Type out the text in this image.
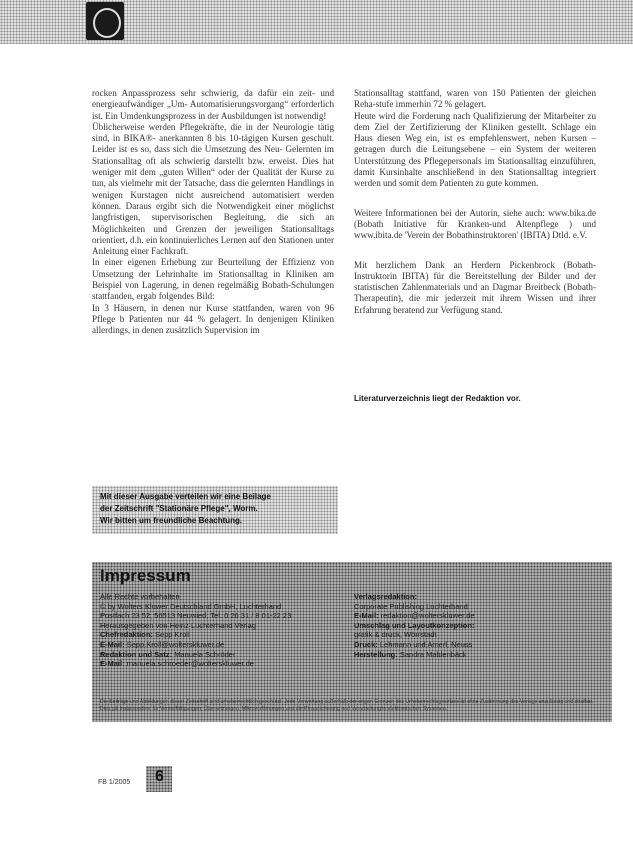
rocken Anpassprozess sehr schwierig, da dafür ein zeit- und energieaufwändiger „Um- Automatisierungsvorgang“ erforderlich ist. Ein Umdenkungsprozess in der Ausbildungen ist notwendig!

Üblicherweise werden Pflegekräfte, die in der Neurologie tätig sind, in BIKA®- anerkannten 8 bis 10-tägigen Kursen geschult. Leider ist es so, dass sich die Umsetzung des Neu- Gelernten im Stationsalltag oft als schwierig darstellt bzw. erweist. Dies hat weniger mit dem „guten Willen“ oder der Qualität der Kurse zu tun, als vielmehr mit der Tatsache, dass die gelernten Handlings in wenigen Kurstagen nicht ausreichend automatisiert werden können. Daraus ergibt sich die Notwendigkeit einer möglichst langfristigen, supervisorischen Begleitung, die sich an Möglichkeiten und Grenzen der jeweiligen Stationsalltags orientiert, d.h. ein kontinuierliches Lernen auf den Stationen unter Anleitung einer Fachkraft.

In einer eigenen Erhebung zur Beurteilung der Effizienz von Umsetzung der Lehrinhalte im Stationsalltag in Kliniken am Beispiel von Lagerung, in denen regelmäßig Bobath-Schulungen stattfanden, ergab folgendes Bild:

In 3 Häusern, in denen nur Kurse stattfanden, waren von 96 Pflege b Patienten nur 44 % gelagert. In denjenigen Kliniken allerdings, in denen zusätzlich Supervision im

Stationsalltag stattfand, waren von 150 Patienten der gleichen Reha-stufe immerhin 72 % gelagert.

Heute wird die Forderung nach Qualifizierung der Mitarbeiter zu dem Ziel der Zertifizierung der Kliniken gestellt. Schlage ein Haus diesen Weg ein, ist es empfehlenswert, neben Kursen – getragen durch die Leitungsebene – ein System der weiteren Unterstützung des Pflegepersonals im Stationsalltag einzuführen, damit Kursinhalte anschließend in den Stationsalltag integriert werden und somit dem Patienten zu gute kommen.

Weitere Informationen bei der Autorin, siehe auch: www.bika.de (Bobath Initiative für Kranken-und Altenpflege ) und www.ibita.de 'Verein der Bobathinstruktoren' (IBITA) Dtld. e.V.

Mit herzlichem Dank an Herdern Pickenbrock (Bobath-Instruktorin IBITA) für die Bereitstellung der Bilder und der statistischen Zahlenmaterials und an Dagmar Breitbeck (Bobath- Therapeutin), die mir jederzeit mit ihrem Wissen und ihrer Erfahrung beratend zur Verfügung stand.

Literaturverzeichnis liegt der Redaktion vor.
Mit dieser Ausgabe verteilen wir eine Beilage
der Zeitschrift "Stationäre Pflege", Worm.
Wir bitten um freundliche Beachtung.
Impressum
Alle Rechte vorbehalten
© by Wolters Kluwer Deutschland GmbH, Luchterhand
Postfach 23 52, 56513 Neuwied, Tel. 0 26 31 / 8 01-22 23
Herausgegeben von Heinz Luchterhand Verlag
Chefredaktion: Sepp Kroll
E-Mail: Sepp.Kroll@wolterskluwer.de
Redaktion und Satz: Manuela Schröder
E-Mail: manuela.schroeder@wolterskluwer.de
Verlagsredaktion:
Corporate Publishing Luchterhand
E-Mail: redaktion@wolterskluwer.de
Umschlag und Layoutkonzeption:
grafik & druck, Wörrstadt
Druck: Lehmann und Amerl, Neuss
Herstellung: Sandra Mahlenbäck
Die Beiträge und Abbildungen dieser Zeitschrift sind urheberrechtlich geschützt. Jede Verwertung außerhalb der engen Grenzen des Urheberrechtsgesetzes ist ohne Zustimmung des Verlags unzulässig und strafbar. Dies gilt insbesondere für Vervielfältigungen, Übersetzungen, Mikroverfilmungen und die Einspeicherung und Verarbeitung in elektronischen Systemen.
FB 1/2005 6
